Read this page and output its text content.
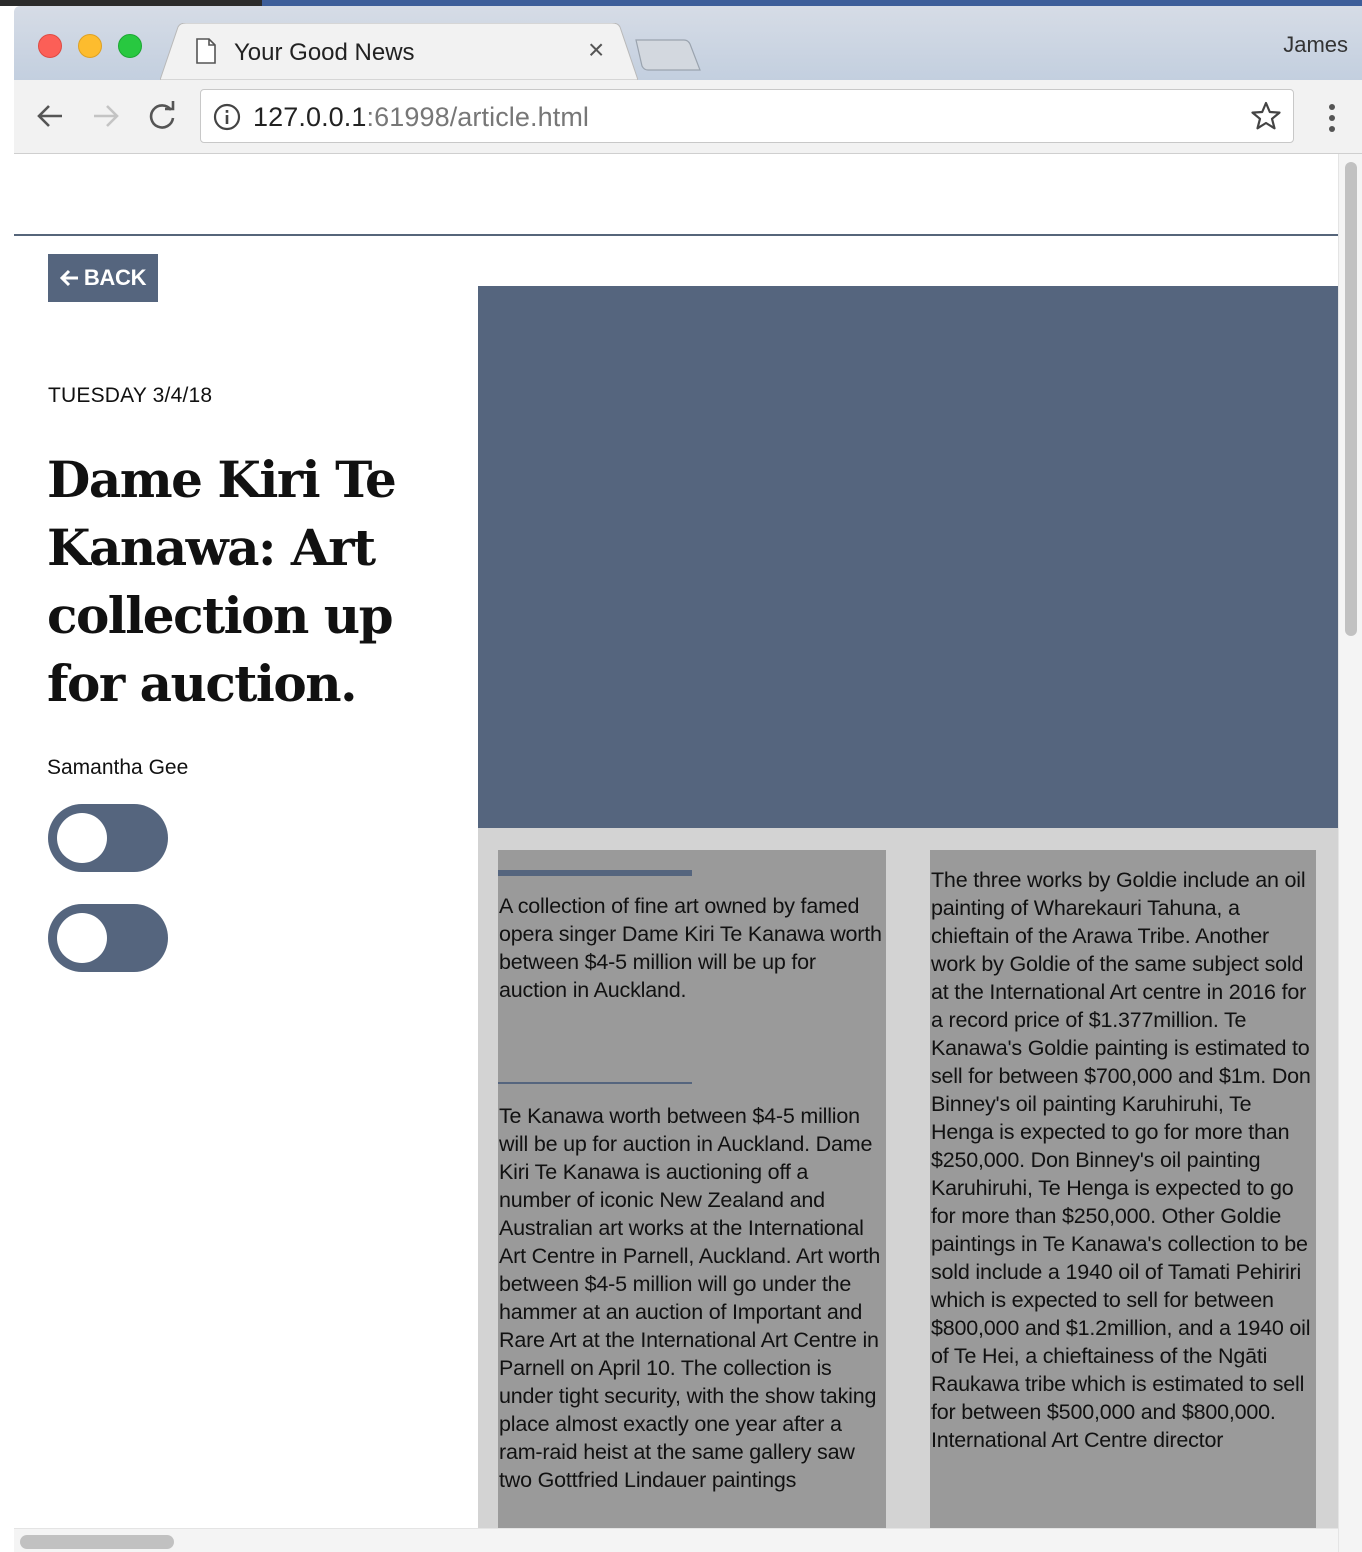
Your Good News	×	James
127.0.0.1:61998/article.html
BACK
TUESDAY 3/4/18
Dame Kiri Te Kanawa: Art collection up for auction.
Samantha Gee

A collection of fine art owned by famed opera singer Dame Kiri Te Kanawa worth between $4-5 million will be up for auction in Auckland.

Te Kanawa worth between $4-5 million will be up for auction in Auckland. Dame Kiri Te Kanawa is auctioning off a number of iconic New Zealand and Australian art works at the International Art Centre in Parnell, Auckland. Art worth between $4-5 million will go under the hammer at an auction of Important and Rare Art at the International Art Centre in Parnell on April 10. The collection is under tight security, with the show taking place almost exactly one year after a ram-raid heist at the same gallery saw two Gottfried Lindauer paintings

The three works by Goldie include an oil painting of Wharekauri Tahuna, a chieftain of the Arawa Tribe. Another work by Goldie of the same subject sold at the International Art centre in 2016 for a record price of $1.377million. Te Kanawa's Goldie painting is estimated to sell for between $700,000 and $1m. Don Binney's oil painting Karuhiruhi, Te Henga is expected to go for more than $250,000. Don Binney's oil painting Karuhiruhi, Te Henga is expected to go for more than $250,000. Other Goldie paintings in Te Kanawa's collection to be sold include a 1940 oil of Tamati Pehiriri which is expected to sell for between $800,000 and $1.2million, and a 1940 oil of Te Hei, a chieftainess of the Ngāti Raukawa tribe which is estimated to sell for between $500,000 and $800,000. International Art Centre director
